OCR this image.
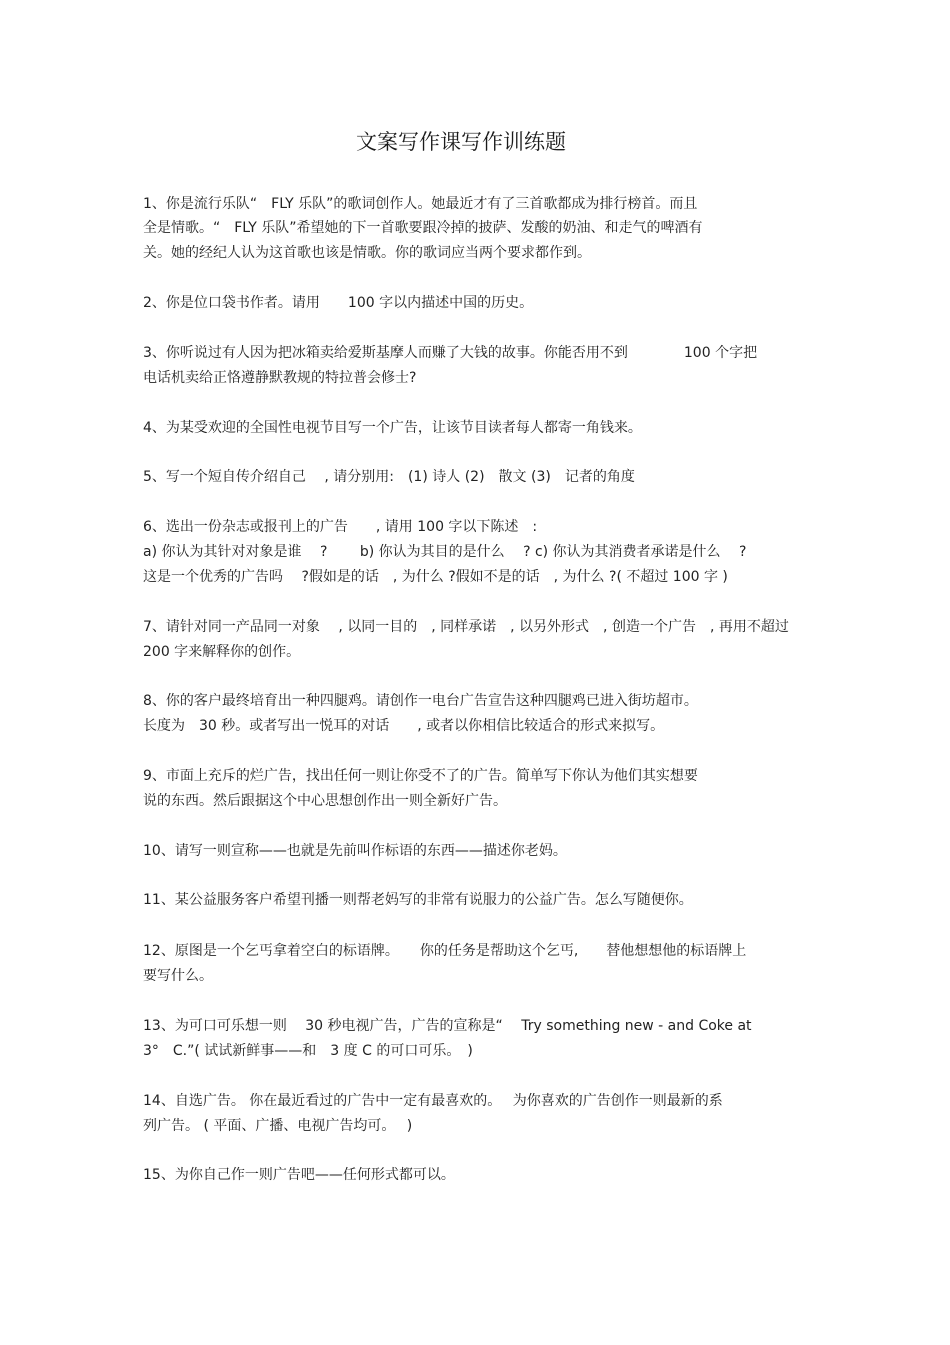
文案写作课写作训练题

1、你是流行乐队“　FLY 乐队”的歌词创作人。她最近才有了三首歌都成为排行榜首。而且

全是情歌。“　FLY 乐队”希望她的下一首歌要跟冷掉的披萨、发酸的奶油、和走气的啤酒有

关。她的经纪人认为这首歌也该是情歌。你的歌词应当两个要求都作到。

2、你是位口袋书作者。请用　　100 字以内描述中国的历史。

3、你听说过有人因为把冰箱卖给爱斯基摩人而赚了大钱的故事。你能否用不到　　　　100 个字把

电话机卖给正恪遵静默教规的特拉普会修士?

4、为某受欢迎的全国性电视节目写一个广告，让该节目读者每人都寄一角钱来。

5、写一个短自传介绍自己　 , 请分别用:　(1) 诗人 (2)　散文 (3)　记者的角度

6、选出一份杂志或报刊上的广告　　, 请用 100 字以下陈述　:

a) 你认为其针对对象是谁　 ?　　 b) 你认为其目的是什么　 ? c) 你认为其消费者承诺是什么　 ?

这是一个优秀的广告吗　 ?假如是的话　, 为什么 ?假如不是的话　, 为什么 ?( 不超过 100 字 )

7、请针对同一产品同一对象　 , 以同一目的　, 同样承诺　, 以另外形式　, 创造一个广告　, 再用不超过

200 字来解释你的创作。

8、你的客户最终培育出一种四腿鸡。请创作一电台广告宣告这种四腿鸡已进入街坊超市。

长度为　30 秒。或者写出一悦耳的对话　　, 或者以你相信比较适合的形式来拟写。

9、市面上充斥的烂广告，找出任何一则让你受不了的广告。简单写下你认为他们其实想要

说的东西。然后跟据这个中心思想创作出一则全新好广告。

10、请写一则宣称——也就是先前叫作标语的东西——描述你老妈。

11、某公益服务客户希望刊播一则帮老妈写的非常有说服力的公益广告。怎么写随便你。

12、原图是一个乞丐拿着空白的标语牌。　　你的任务是帮助这个乞丐,　　替他想想他的标语牌上

要写什么。

13、为可口可乐想一则　 30 秒电视广告，广告的宣称是“　 Try something new - and Coke at

3°　C.”( 试试新鲜事——和　3 度 C 的可口可乐。　)

14、自选广告。 你在最近看过的广告中一定有最喜欢的。　 为你喜欢的广告创作一则最新的系

列广告。 ( 平面、广播、电视广告均可。　 )

15、为你自己作一则广告吧——任何形式都可以。
